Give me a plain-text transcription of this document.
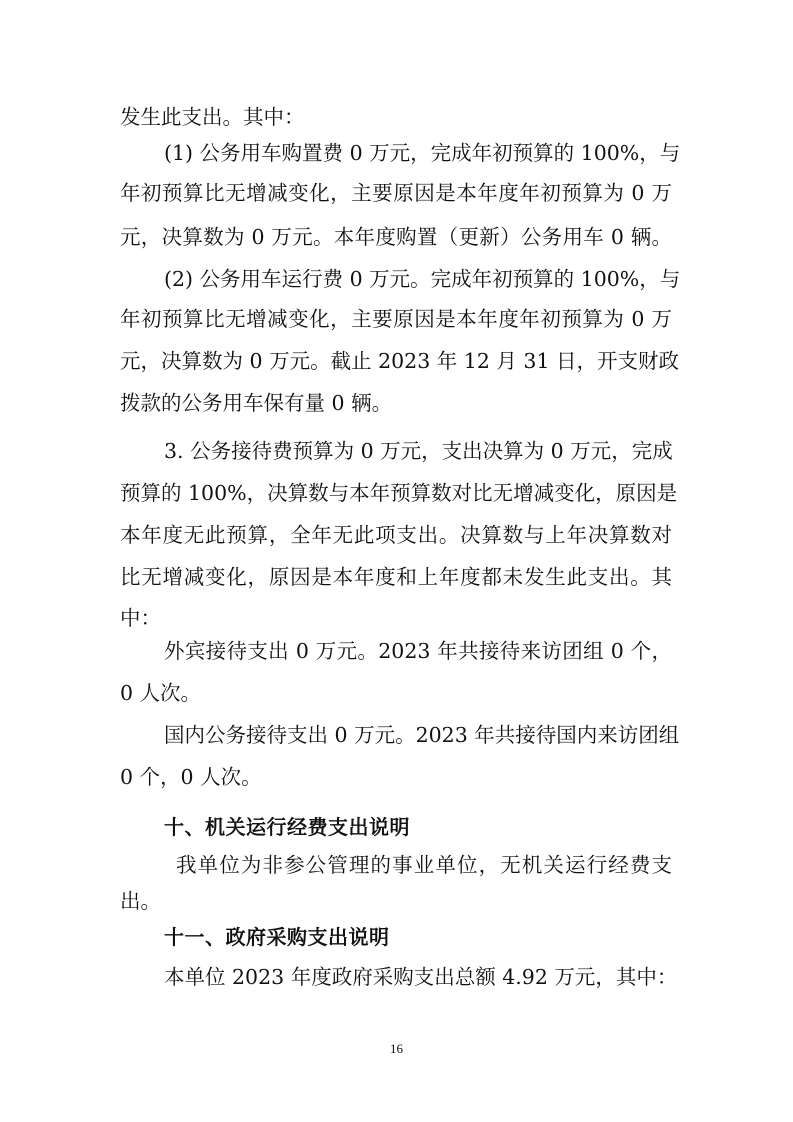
发生此支出。其中：
(1) 公务用车购置费 0 万元，完成年初预算的 100%，与
年初预算比无增减变化，主要原因是本年度年初预算为 0 万
元，决算数为 0 万元。本年度购置（更新）公务用车 0 辆。
(2) 公务用车运行费 0 万元。完成年初预算的 100%，与
年初预算比无增减变化，主要原因是本年度年初预算为 0 万
元，决算数为 0 万元。截止 2023 年 12 月 31 日，开支财政
拨款的公务用车保有量 0 辆。
3. 公务接待费预算为 0 万元，支出决算为 0 万元，完成
预算的 100%，决算数与本年预算数对比无增减变化，原因是
本年度无此预算，全年无此项支出。决算数与上年决算数对
比无增减变化，原因是本年度和上年度都未发生此支出。其
中：
外宾接待支出 0 万元。2023 年共接待来访团组 0 个，
0 人次。
国内公务接待支出 0 万元。2023 年共接待国内来访团组
0 个，0 人次。
十、机关运行经费支出说明
我单位为非参公管理的事业单位，无机关运行经费支
出。
十一、政府采购支出说明
本单位 2023 年度政府采购支出总额 4.92 万元，其中：
16
